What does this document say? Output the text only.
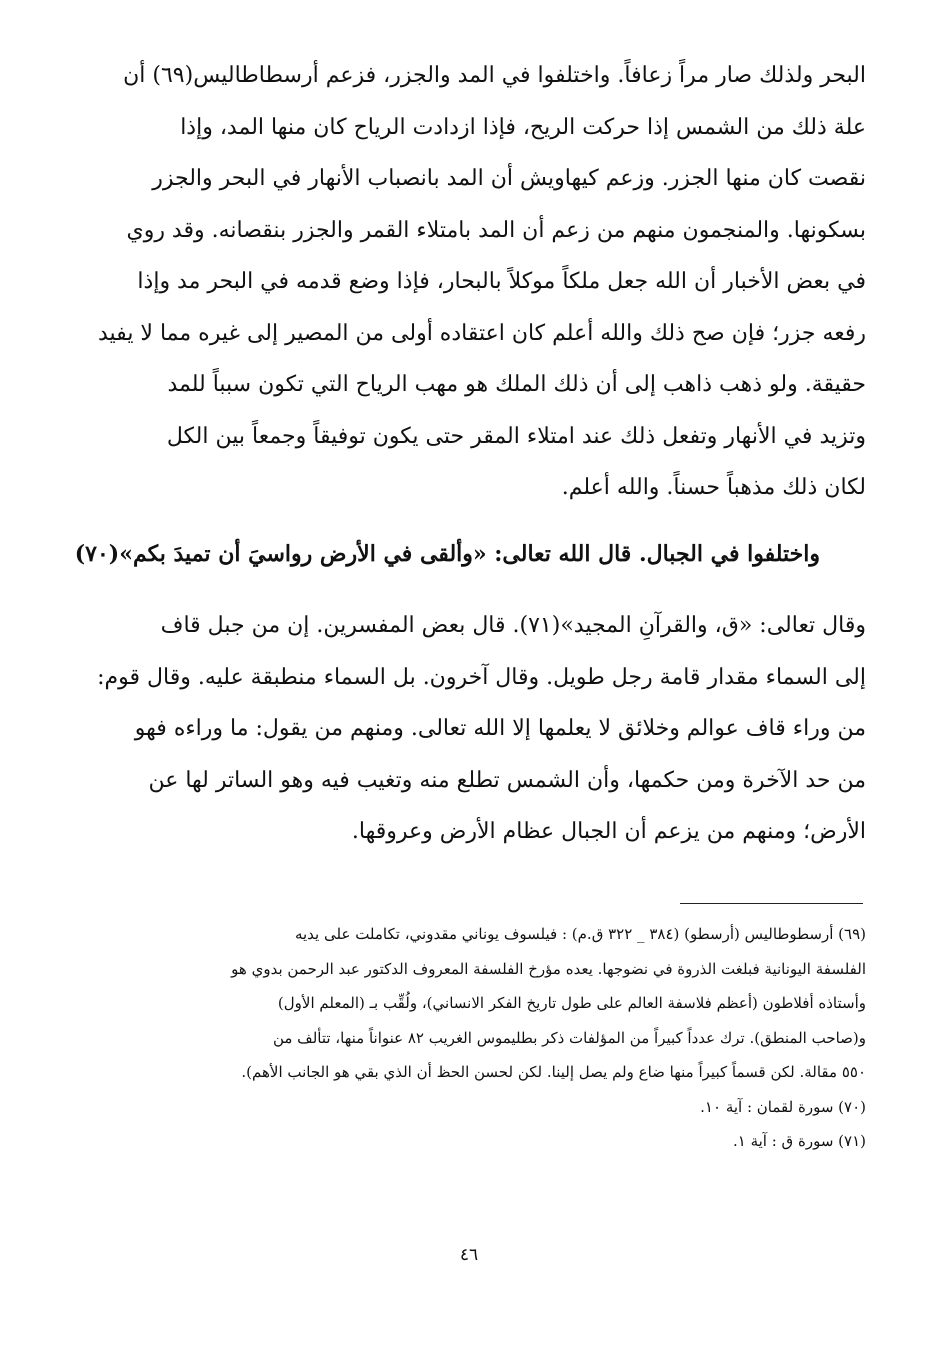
البحر ولذلك صار مراً زعافاً. واختلفوا في المد والجزر، فزعم أرسطاطاليس(٦٩) أن
علة ذلك من الشمس إذا حركت الريح، فإذا ازدادت الرياح كان منها المد، وإذا
نقصت كان منها الجزر. وزعم كيهاويش أن المد بانصباب الأنهار في البحر والجزر
بسكونها. والمنجمون منهم من زعم أن المد بامتلاء القمر والجزر بنقصانه. وقد روي
في بعض الأخبار أن الله جعل ملكاً موكلاً بالبحار، فإذا وضع قدمه في البحر مد وإذا
رفعه جزر؛ فإن صح ذلك والله أعلم كان اعتقاده أولى من المصير إلى غيره مما لا يفيد
حقيقة. ولو ذهب ذاهب إلى أن ذلك الملك هو مهب الرياح التي تكون سبباً للمد
وتزيد في الأنهار وتفعل ذلك عند امتلاء المقر حتى يكون توفيقاً وجمعاً بين الكل
لكان ذلك مذهباً حسناً. والله أعلم.
واختلفوا في الجبال. قال الله تعالى: «وألقى في الأرض رواسيَ أن تميدَ بكم»(٧٠)
وقال تعالى: «ق، والقرآنِ المجيد»(٧١). قال بعض المفسرين. إن من جبل قاف
إلى السماء مقدار قامة رجل طويل. وقال آخرون. بل السماء منطبقة عليه. وقال قوم:
من وراء قاف عوالم وخلائق لا يعلمها إلا الله تعالى. ومنهم من يقول: ما وراءه فهو
من حد الآخرة ومن حكمها، وأن الشمس تطلع منه وتغيب فيه وهو الساتر لها عن
الأرض؛ ومنهم من يزعم أن الجبال عظام الأرض وعروقها.
(٦٩) أرسطوطاليس (أرسطو) (٣٨٤ _ ٣٢٢ ق.م) : فيلسوف يوناني مقدوني، تكاملت على يديه
الفلسفة اليونانية فبلغت الذروة في نضوجها. يعده مؤرخ الفلسفة المعروف الدكتور عبد الرحمن بدوي هو
وأستاذه أفلاطون (أعظم فلاسفة العالم على طول تاريخ الفكر الانساني)، ولُقِّب بـ (المعلم الأول)
و(صاحب المنطق). ترك عدداً كبيراً من المؤلفات ذكر بطليموس الغريب ٨٢ عنواناً منها، تتألف من
٥٥٠ مقالة. لكن قسماً كبيراً منها ضاع ولم يصل إلينا. لكن لحسن الحظ أن الذي بقي هو الجانب الأهم).
(٧٠) سورة لقمان : آية ١٠.
(٧١) سورة ق : آية ١.
٤٦
